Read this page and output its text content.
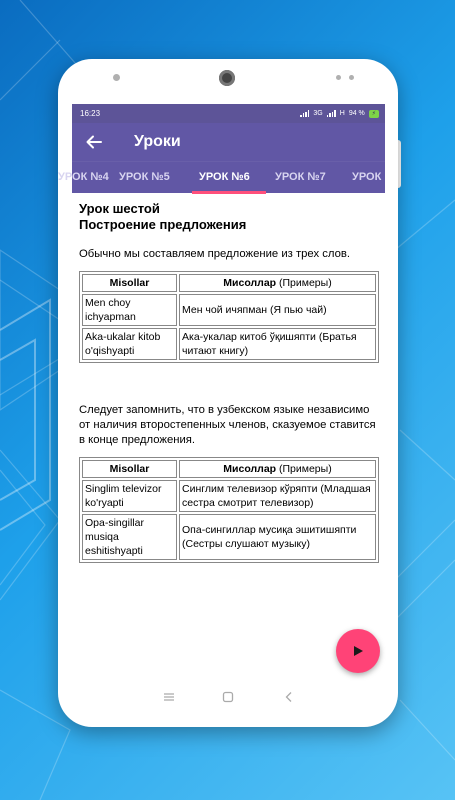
16:23	3G H 94 %	⚡
Уроки
УРОК №4 УРОК №5	УРОК №6 УРОК №7 УРОК
Урок шестой
Построение предложения

Обычно мы составляем предложение из трех слов.

Misollar	Мисоллар (Примеры)
Men choy ichyapman	Мен чой ичяпман (Я пью чай)
Aka-ukalar kitob o'qishyapti	Ака-укалар китоб ўқишяпти (Братья читают книгу)

Следует запомнить, что в узбекском языке независимо от наличия второстепенных членов, сказуемое ставится в конце предложения.

Misollar	Мисоллар (Примеры)
Singlim televizor ko'ryapti	Синглим телевизор кўряпти (Младшая сестра смотрит телевизор)
Opa-singillar musiqa eshitishyapti	Опа-сингиллар мусиқа эшитишяпти (Сестры слушают музыку)
